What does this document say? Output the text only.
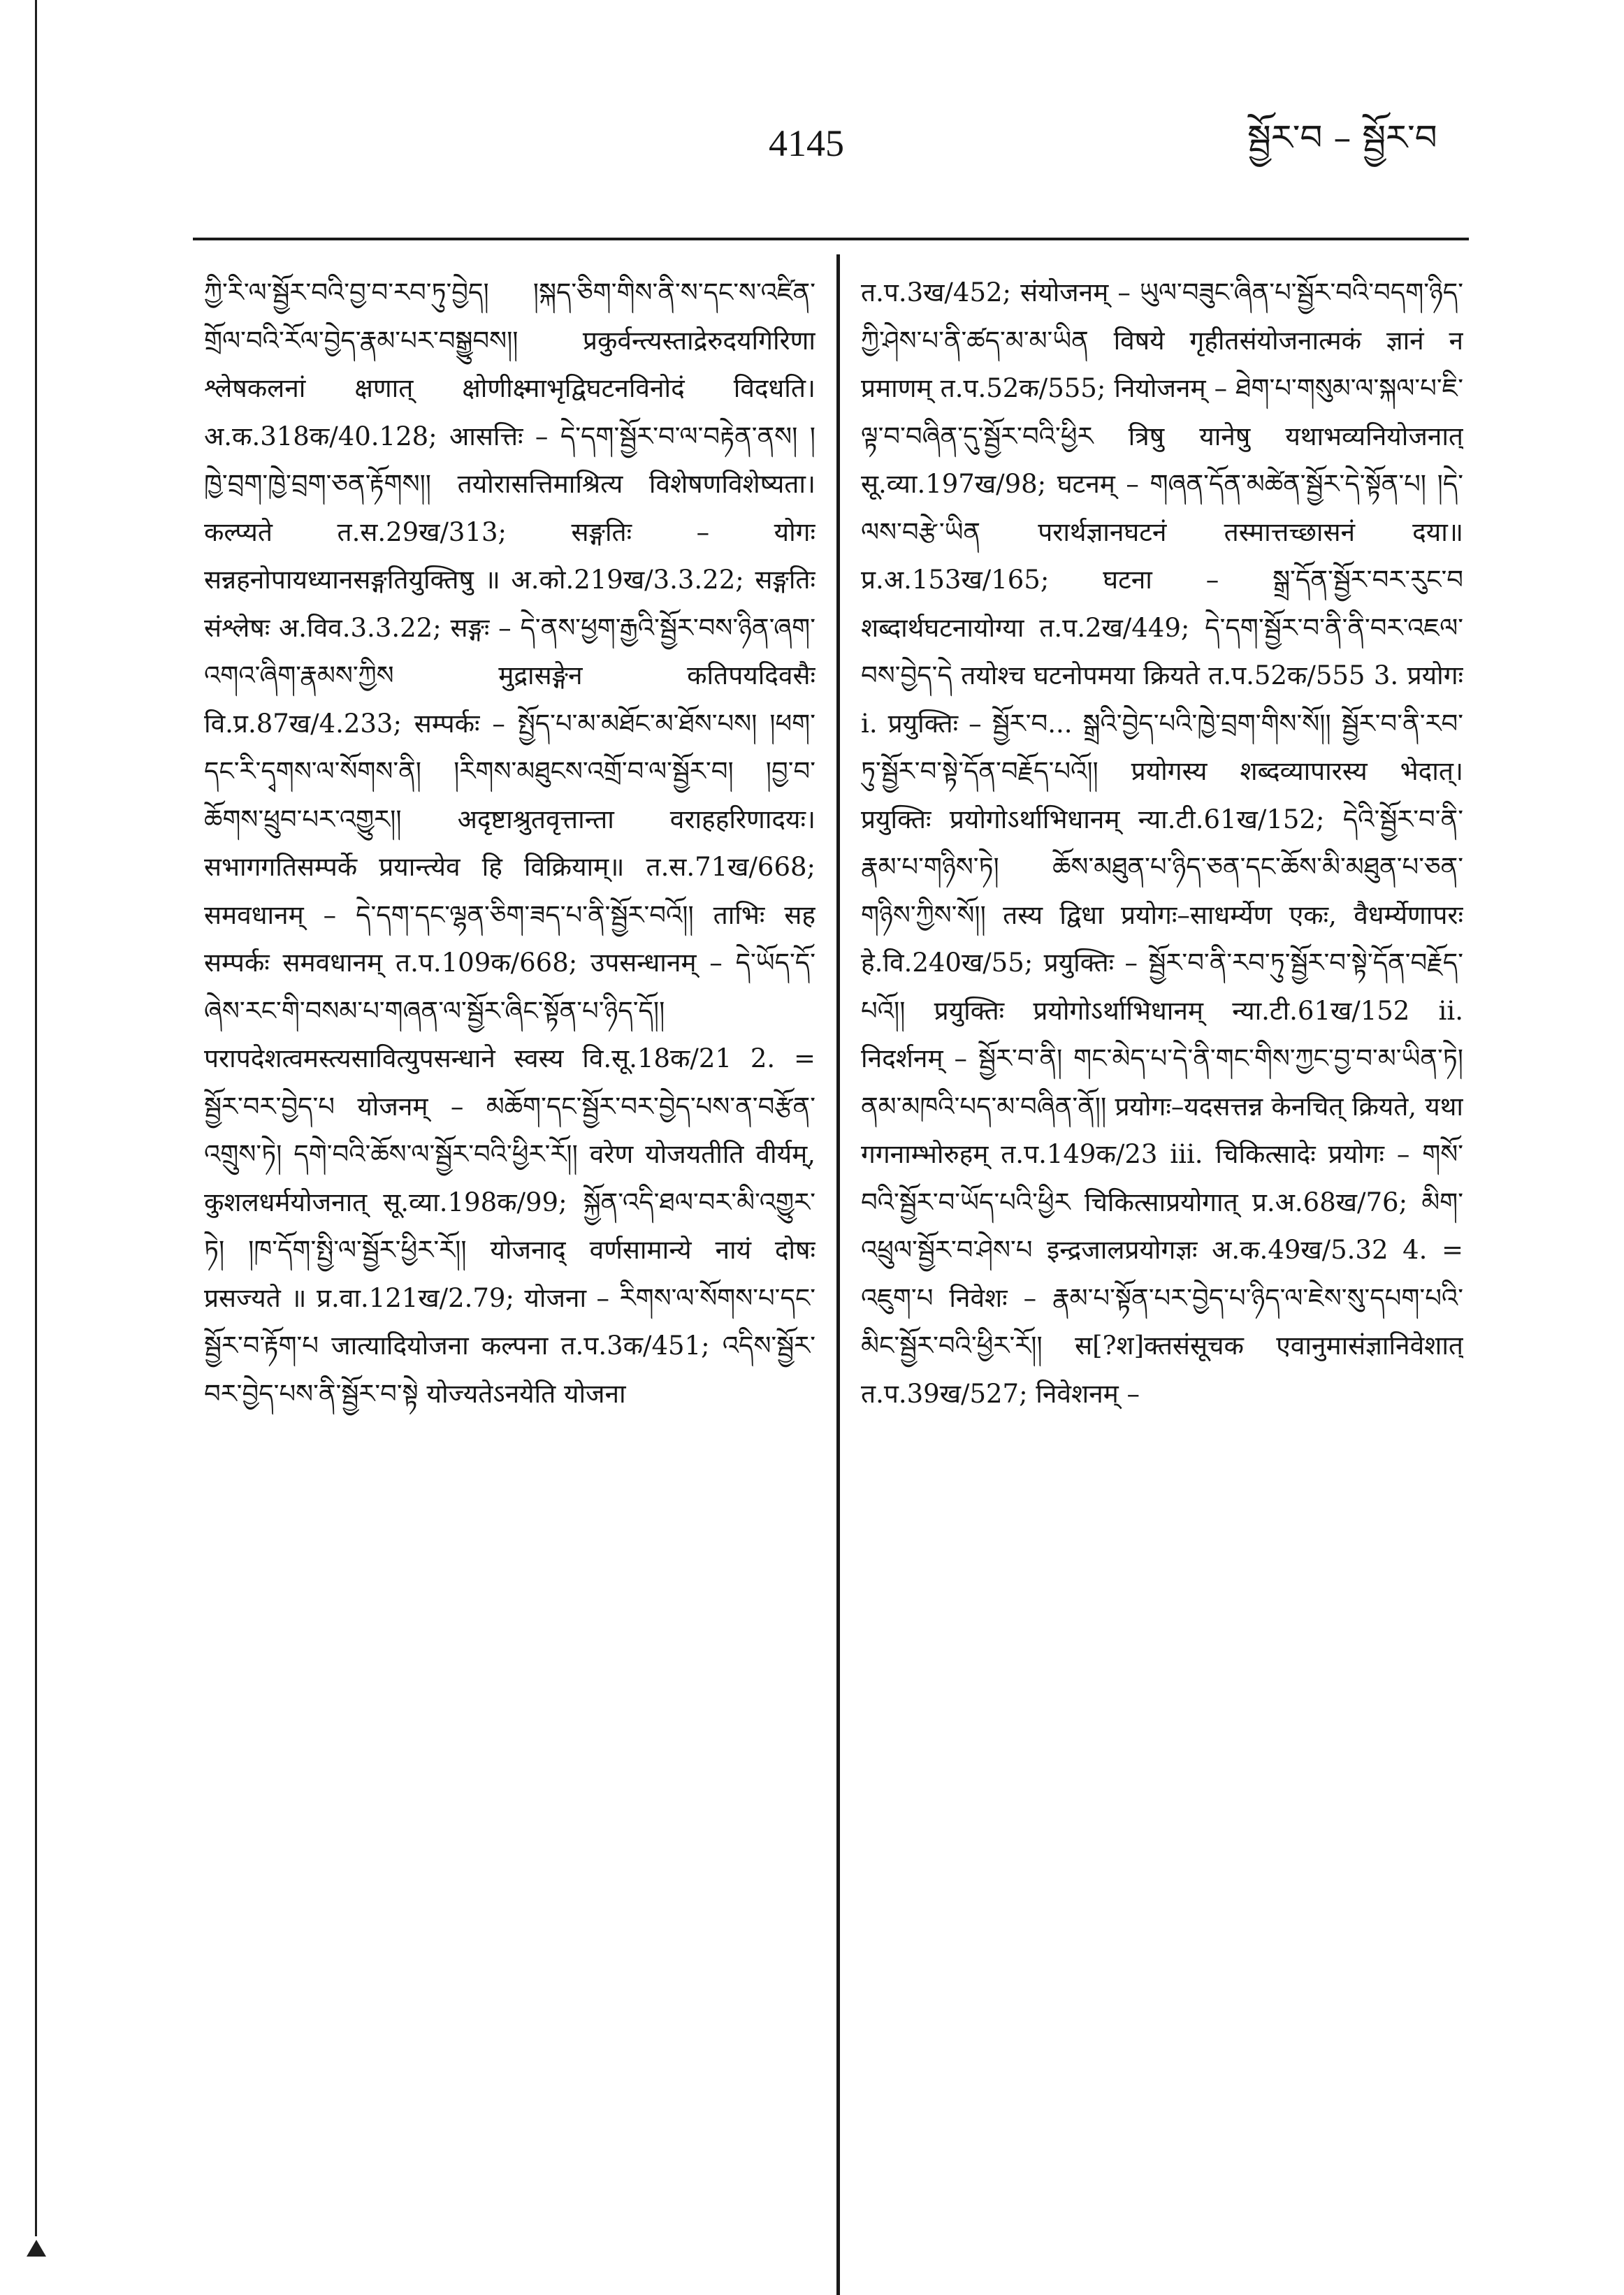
4145	སྦྱོར་བ – སྦྱོར་བ
ཀྱི་རི་ལ་སྦྱོར་བའི་བྱ་བ་རབ་ཏུ་བྱེད། །སྐད་ཅིག་གིས་ནི་ས་དང་ས་འཛིན་གྲོལ་བའི་རོལ་བྱེད་རྣམ་པར་བསྒྱུབས།། प्रकुर्वन्त्यस्ताद्रेरुदयगिरिणा श्लेषकलनां क्षणात् क्षोणीक्ष्माभृद्विघटनविनोदं विदधति। अ.क.318क/40.128; आसत्तिः – དེ་དག་སྦྱོར་བ་ལ་བརྟེན་ནས། །ཁྱེ་བྲག་ཁྱེ་བྲག་ཅན་རྟོགས།། तयोरासत्तिमाश्रित्य विशेषणविशेष्यता। कल्प्यते त.स.29ख/313; सङ्गतिः – योगः सन्नहनोपायध्यानसङ्गतियुक्तिषु ॥ अ.को.219ख/3.3.22; सङ्गतिः संश्लेषः अ.विव.3.3.22; सङ्गः – དེ་ནས་ཕྱག་རྒྱའི་སྦྱོར་བས་ཉིན་ཞག་འགའ་ཞིག་རྣམས་ཀྱིས मुद्रासङ्गेन कतिपयदिवसैः वि.प्र.87ख/4.233; सम्पर्कः – སྤྱོད་པ་མ་མཐོང་མ་ཐོས་པས། །ཕག་དང་རི་དྭགས་ལ་སོགས་ནི། །རིགས་མཐུངས་འགྲོ་བ་ལ་སྦྱོར་བ། །བྱ་བ་ཆོགས་ཕྲུབ་པར་འགྱུར།། अदृष्टाश्रुतवृत्तान्ता वराहहरिणादयः। सभागगतिसम्पर्के प्रयान्त्येव हि विक्रियाम्॥ त.स.71ख/668; समवधानम् – དེ་དག་དང་ལྷན་ཅིག་ཟད་པ་ནི་སྦྱོར་བའོ།། ताभिः सह सम्पर्कः समवधानम् त.प.109क/668; उपसन्धानम् – དེ་ཡོད་དོ་ཞེས་རང་གི་བསམ་པ་གཞན་ལ་སྦྱོར་ཞིང་སྟོན་པ་ཉིད་དོ།། परापदेशत्वमस्त्यसावित्युपसन्धाने स्वस्य वि.सू.18क/21 2. = སྦྱོར་བར་བྱེད་པ योजनम् – མཆོག་དང་སྦྱོར་བར་བྱེད་པས་ན་བརྩོན་འགྲུས་ཏེ། དགེ་བའི་ཆོས་ལ་སྦྱོར་བའི་ཕྱིར་རོ།། वरेण योजयतीति वीर्यम्, कुशलधर्मयोजनात् सू.व्या.198क/99; སྐྱོན་འདི་ཐལ་བར་མི་འགྱུར་ཏེ། །ཁ་དོག་སྤྱི་ལ་སྦྱོར་ཕྱིར་རོ།། योजनाद् वर्णसामान्ये नायं दोषः प्रसज्यते ॥ प्र.वा.121ख/2.79; योजना – རིགས་ལ་སོགས་པ་དང་སྦྱོར་བ་རྟོག་པ जात्यादियोजना कल्पना त.प.3क/451; འདིས་སྦྱོར་བར་བྱེད་པས་ནི་སྦྱོར་བ་སྟེ योज्यतेऽनयेति योजना
त.प.3ख/452; संयोजनम् – ཡུལ་བཟུང་ཞིན་པ་སྦྱོར་བའི་བདག་ཉིད་ཀྱི་ཤེས་པ་ནི་ཚད་མ་མ་ཡིན विषये गृहीतसंयोजनात्मकं ज्ञानं न प्रमाणम् त.प.52क/555; नियोजनम् – ཐེག་པ་གསུམ་ལ་སྐལ་པ་ཇི་ལྟ་བ་བཞིན་དུ་སྦྱོར་བའི་ཕྱིར त्रिषु यानेषु यथाभव्यनियोजनात् सू.व्या.197ख/98; घटनम् – གཞན་དོན་མཚེན་སྦྱོར་དེ་སྟོན་པ། །དེ་ལས་བརྩེ་ཡིན परार्थज्ञानघटनं तस्मात्तच्छासनं दया॥ प्र.अ.153ख/165; घटना – སྒྲ་དོན་སྦྱོར་བར་རུང་བ शब्दार्थघटनायोग्या त.प.2ख/449; དེ་དག་སྦྱོར་བ་ནི་ནི་བར་འཇལ་བས་བྱེད་དེ तयोश्च घटनोपमया क्रियते त.प.52क/555 3. प्रयोगः i. प्रयुक्तिः – སྦྱོར་བ... སྒྲའི་བྱེད་པའི་ཁྱེ་བྲག་གིས་སོ།། སྦྱོར་བ་ནི་རབ་ཏུ་སྦྱོར་བ་སྟེ་དོན་བརྗོད་པའོ།། प्रयोगस्य शब्दव्यापारस्य भेदात्। प्रयुक्तिः प्रयोगोऽर्थाभिधानम् न्या.टी.61ख/152; དེའི་སྦྱོར་བ་ནི་རྣམ་པ་གཉིས་ཏེ། ཆོས་མཐུན་པ་ཉིད་ཅན་དང་ཆོས་མི་མཐུན་པ་ཅན་གཉིས་ཀྱིས་སོ།། तस्य द्विधा प्रयोगः–साधर्म्येण एकः, वैधर्म्येणापरः हे.वि.240ख/55; प्रयुक्तिः – སྦྱོར་བ་ནི་རབ་ཏུ་སྦྱོར་བ་སྟེ་དོན་བརྗོད་པའོ།། प्रयुक्तिः प्रयोगोऽर्थाभिधानम् न्या.टी.61ख/152 ii. निदर्शनम् – སྦྱོར་བ་ནི། གང་མེད་པ་དེ་ནི་གང་གིས་ཀྱང་བྱ་བ་མ་ཡིན་ཏེ། ནམ་མཁའི་པད་མ་བཞིན་ནོ།། प्रयोगः–यदसत्तन्न केनचित् क्रियते, यथा गगनाम्भोरुहम् त.प.149क/23 iii. चिकित्सादेः प्रयोगः – གསོ་བའི་སྦྱོར་བ་ཡོད་པའི་ཕྱིར चिकित्साप्रयोगात् प्र.अ.68ख/76; མིག་འཕྲུལ་སྦྱོར་བ་ཤེས་པ इन्द्रजालप्रयोगज्ञः अ.क.49ख/5.32 4. = འཇུག་པ निवेशः – རྣམ་པ་སྟོན་པར་བྱེད་པ་ཉིད་ལ་ཇེས་སུ་དཔག་པའི་མིང་སྦྱོར་བའི་ཕྱིར་རོ།། स[?श]क्तसंसूचक एवानुमासंज्ञानिवेशात् त.प.39ख/527; निवेशनम् –
